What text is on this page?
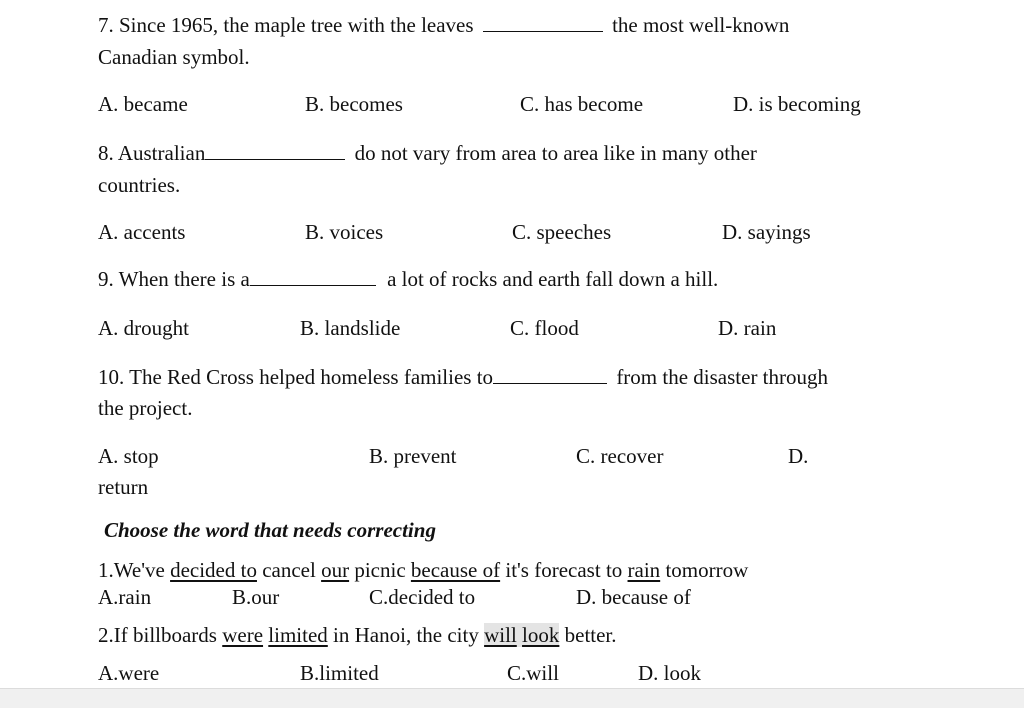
7. Since 1965, the maple tree with the leaves	the most well-known
Canadian symbol.
A. became	B. becomes	C. has become	D. is becoming
8. Australian	do not vary from area to area like in many other
countries.
A. accents	B. voices	C. speeches	D. sayings
9. When there is a	a lot of rocks and earth fall down a hill.
A. drought	B. landslide	C. flood	D. rain
10. The Red Cross helped homeless families to	from the disaster through
the project.
A. stop	B. prevent	C. recover	D.
return
Choose the word that needs correcting
1.We've decided to cancel our picnic because of it's forecast to rain tomorrow
A.rain	B.our	C.decided to	D. because of
2.If billboards were limited in Hanoi, the city will look better.
A.were	B.limited	C.will	D. look
